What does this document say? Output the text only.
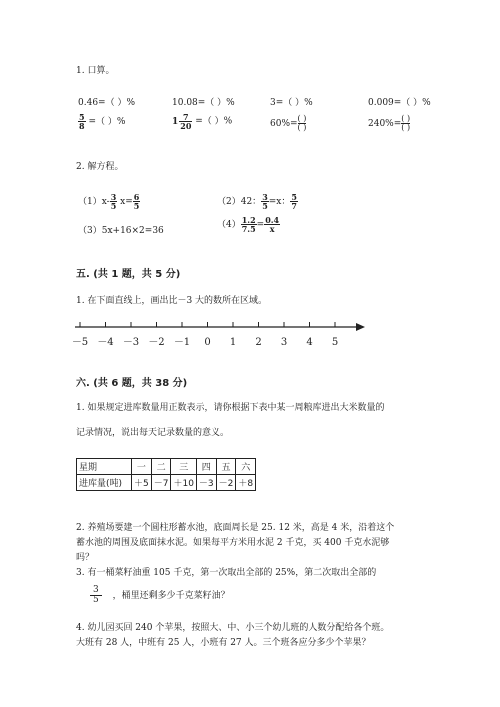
1. 口算。
0.46=（ ）%	10.08=（ ）%	3=（ ）%	0.009=（ ）%
$\frac{5}{8}$ =（ ）%	$1 \frac{7}{20}$ =（ ）%	$60\%= \frac{( )}{( )}$	$240\%= \frac{( )}{( )}$
2. 解方程。
$(1)x- \frac{3}{5} x= \frac{6}{5}$	（2）42： $\frac{3}{5} =x$： $\frac{5}{7}$
（3）5x+16×2=36
$(4) \frac{1.2}{7.5} = \frac{0.4}{x}$
五. (共 1 题，共 5 分)
1. 在下面直线上，画出比－3 大的数所在区域。
－5 －4 －3 －2 －1 0 1 2 3 4 5
六. (共 6 题，共 38 分)
1. 如果规定进库数量用正数表示，请你根据下表中某一周粮库进出大米数量的
记录情况，说出每天记录数量的意义。
星期	一	二	三	四	五	六
进库量(吨)	＋5	－7	＋10	－3	－2	＋8
2. 养殖场要建一个圆柱形蓄水池，底面周长是 25. 12 米，高是 4 米，沿着这个
蓄水池的周围及底面抹水泥。如果每平方米用水泥 2 千克，买 400 千克水泥够
吗？
3. 有一桶菜籽油重 105 千克，第一次取出全部的 25%，第二次取出全部的
$\frac{3}{5}$ ，桶里还剩多少千克菜籽油？
4. 幼儿园买回 240 个苹果，按照大、中、小三个幼儿班的人数分配给各个班。
大班有 28 人，中班有 25 人，小班有 27 人。三个班各应分多少个苹果？
